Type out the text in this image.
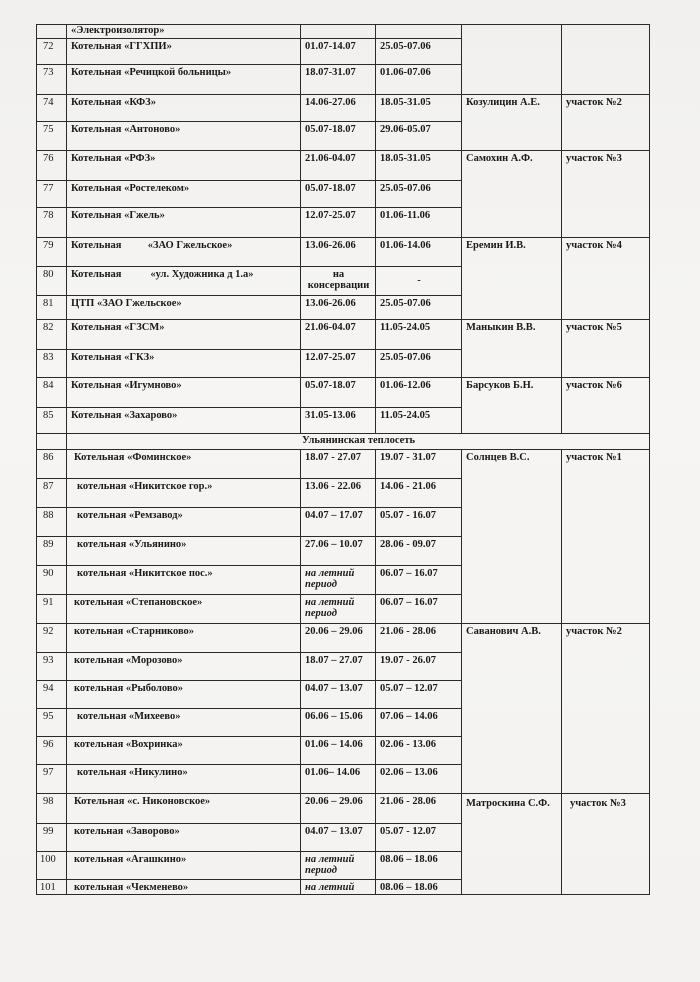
	«Электроизолятор»				
72	Котельная «ГГХПИ»	01.07-14.07	25.05-07.06		
73	Котельная «Речицкой больницы»	18.07-31.07	01.06-07.06		
74	Котельная «КФЗ»	14.06-27.06	18.05-31.05	Козулицин А.Е.	участок №2
75	Котельная «Антоново»	05.07-18.07	29.06-05.07		
76	Котельная «РФЗ»	21.06-04.07	18.05-31.05	Самохин А.Ф.	участок №3
77	Котельная «Ростелеком»	05.07-18.07	25.05-07.06		
78	Котельная «Гжель»	12.07-25.07	01.06-11.06		
79	Котельная          «ЗАО Гжельское»	13.06-26.06	01.06-14.06	Еремин И.В.	участок №4
80	Котельная           «ул. Художника д 1.а»	на консервации	-		
81	ЦТП «ЗАО Гжельское»	13.06-26.06	25.05-07.06		
82	Котельная «ГЗСМ»	21.06-04.07	11.05-24.05	Маныкин В.В.	участок №5
83	Котельная «ГКЗ»	12.07-25.07	25.05-07.06		
84	Котельная «Игумново»	05.07-18.07	01.06-12.06	Барсуков Б.Н.	участок №6
85	Котельная «Захарово»	31.05-13.06	11.05-24.05		
	Ульянинская теплосеть				
86	Котельная «Фоминское»	18.07 - 27.07	19.07 - 31.07	Солнцев В.С.	участок №1
87	котельная «Никитское гор.»	13.06 - 22.06	14.06 - 21.06		
88	котельная «Ремзавод»	04.07 – 17.07	05.07 - 16.07		
89	котельная «Ульянино»	27.06 – 10.07	28.06 - 09.07		
90	котельная «Никитское пос.»	на летний период	06.07 – 16.07		
91	котельная «Степановское»	на летний период	06.07 – 16.07		
92	котельная «Старниково»	20.06 – 29.06	21.06 - 28.06	Саванович А.В.	участок №2
93	котельная «Морозово»	18.07 – 27.07	19.07 - 26.07		
94	котельная «Рыболово»	04.07 – 13.07	05.07 – 12.07		
95	котельная «Михеево»	06.06 – 15.06	07.06 – 14.06		
96	котельная «Вохринка»	01.06 – 14.06	02.06 - 13.06		
97	котельная «Никулино»	01.06– 14.06	02.06 – 13.06		
98	Котельная «с. Никоновское»	20.06 – 29.06	21.06 - 28.06	Матроскина С.Ф.	участок №3
99	котельная «Заворово»	04.07 – 13.07	05.07 - 12.07		
100	котельная «Агашкино»	на летний период	08.06 – 18.06		
101	котельная «Чекменево»	на летний	08.06 – 18.06		
